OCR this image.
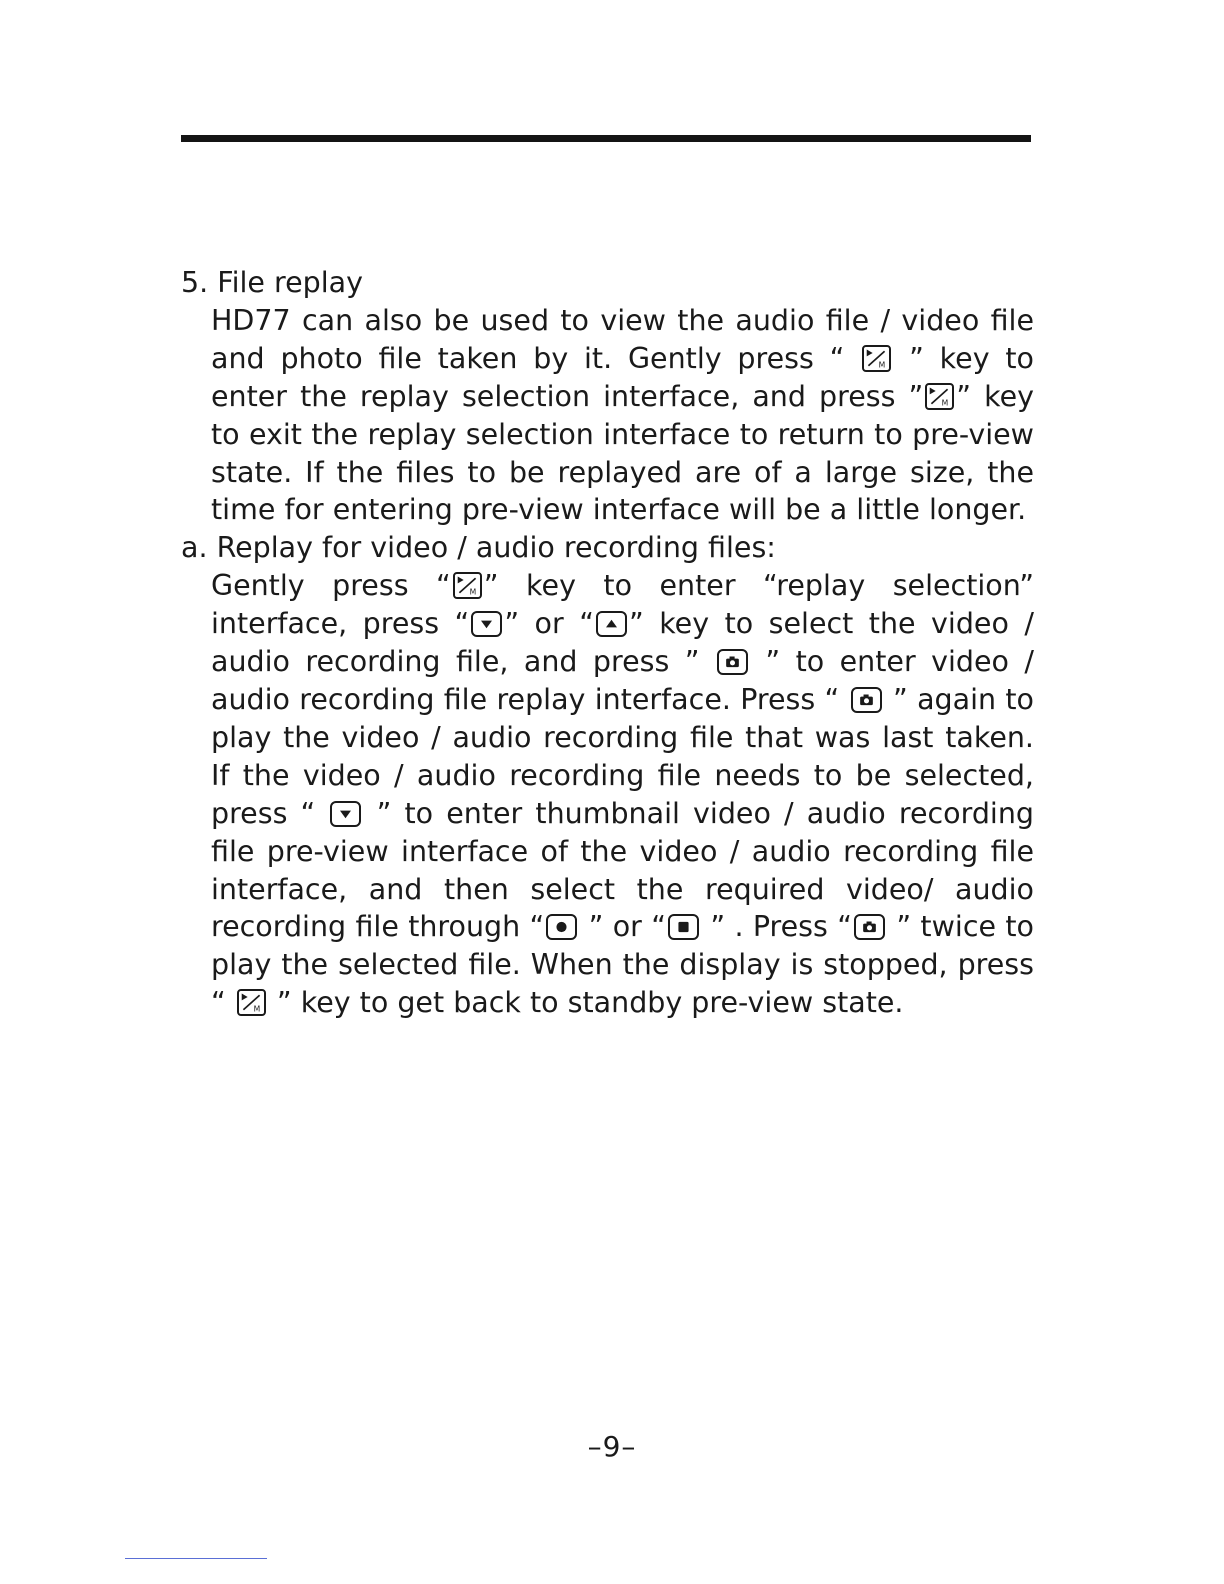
5. File replay

HD77 can also be used to view the audio file / video file and photo file taken by it. Gently press “ M ” key to enter the replay selection interface, and press ” M ” key to exit the replay selection interface to return to pre-view state. If the files to be replayed are of a large size, the time for entering pre-view interface will be a little longer.

a. Replay for video / audio recording files:

Gently press “ M ” key to enter “replay selection” interface, press “ ” or “ ” key to select the video / audio recording file, and press ”
” to enter video / audio recording file replay interface. Press “
” again to play the video / audio recording file that was last taken. If the video / audio recording file needs to be selected, press “
” to enter thumbnail video / audio recording file pre-view interface of the video / audio recording file interface, and then select the required video/ audio recording file through “
” or “
” . Press “
” twice to play the selected file. When the display is stopped, press “ M ” key to get back to standby pre-view state.

–9–
